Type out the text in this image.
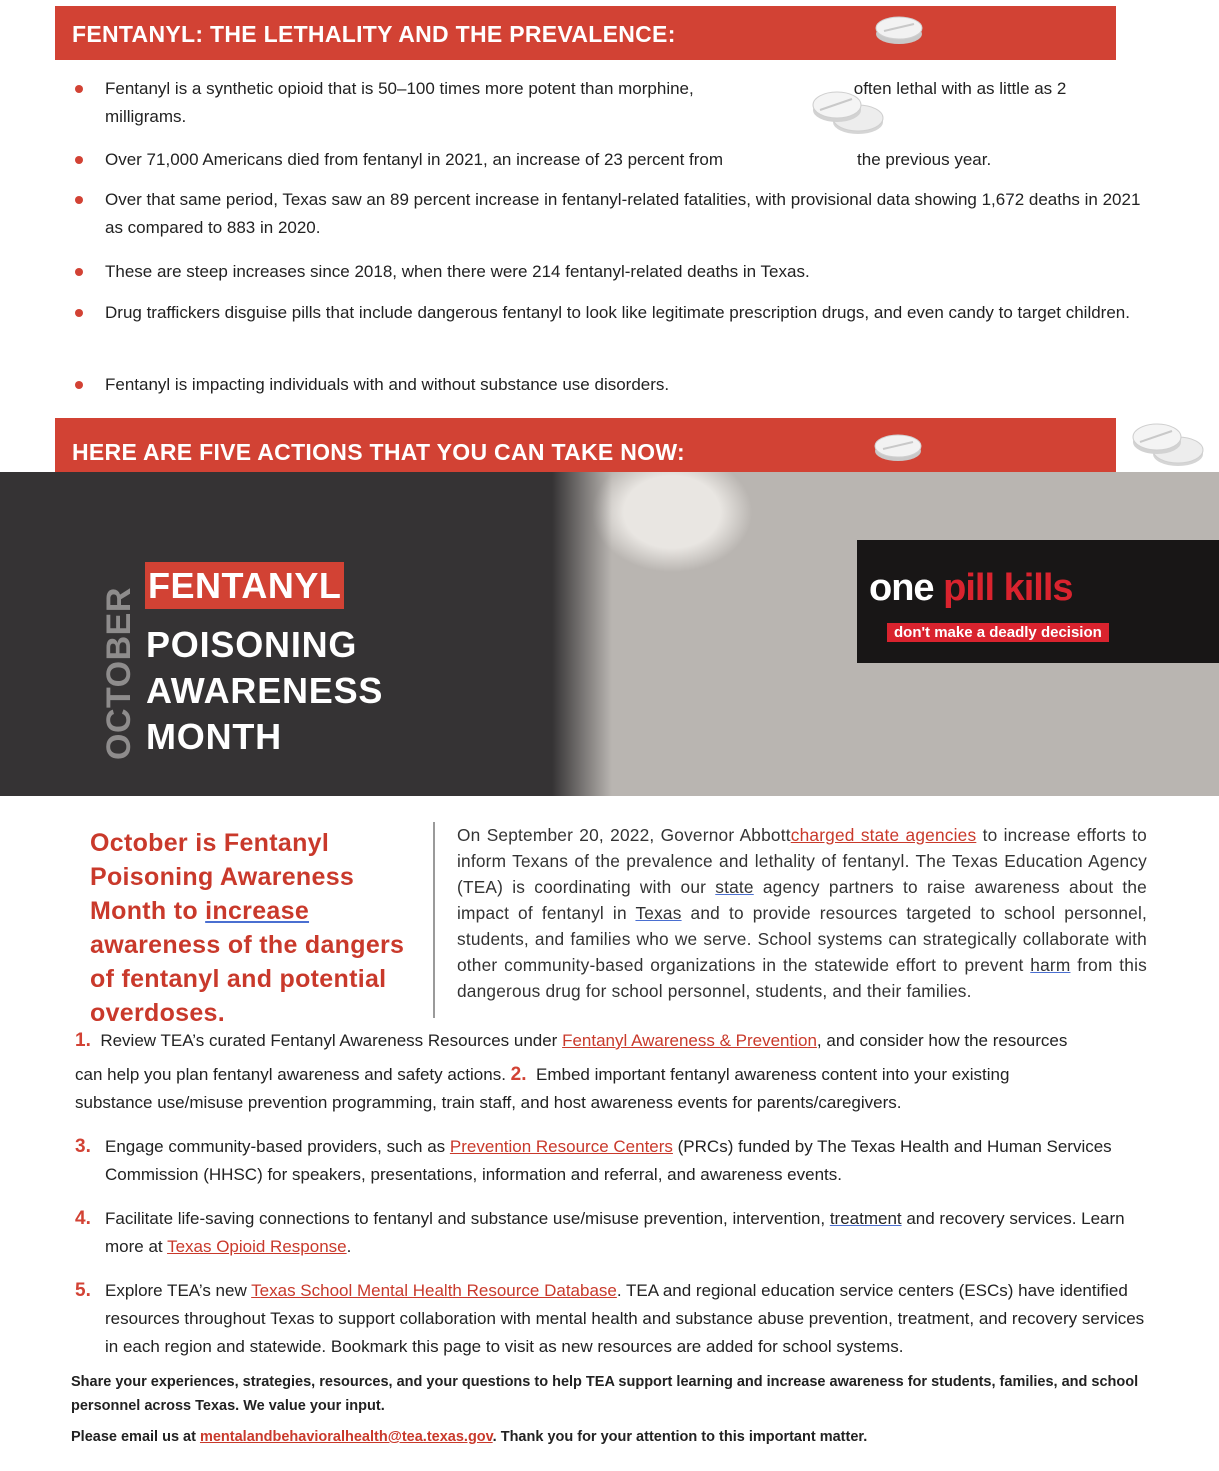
FENTANYL: THE LETHALITY AND THE PREVALENCE:
Fentanyl is a synthetic opioid that is 50–100 times more potent than morphine,	often lethal with as little as 2 milligrams.
Over 71,000 Americans died from fentanyl in 2021, an increase of 23 percent from	the previous year.
Over that same period, Texas saw an 89 percent increase in fentanyl-related fatalities, with provisional data showing 1,672 deaths in 2021 as compared to 883 in 2020.
These are steep increases since 2018, when there were 214 fentanyl-related deaths in Texas.
Drug traffickers disguise pills that include dangerous fentanyl to look like legitimate prescription drugs, and even candy to target children.
Fentanyl is impacting individuals with and without substance use disorders.
HERE ARE FIVE ACTIONS THAT YOU CAN TAKE NOW:
OCTOBER
FENTANYL
POISONING
AWARENESS
MONTH
one pill kills
don't make a deadly decision
October is Fentanyl Poisoning Awareness Month to increase awareness of the dangers of fentanyl and potential overdoses.
On September 20, 2022, Governor Abbottcharged state agencies to increase efforts to inform Texans of the prevalence and lethality of fentanyl. The Texas Education Agency (TEA) is coordinating with our state agency partners to raise awareness about the impact of fentanyl in Texas and to provide resources targeted to school personnel, students, and families who we serve. School systems can strategically collaborate with other community-based organizations in the statewide effort to prevent harm from this dangerous drug for school personnel, students, and their families.
1. Review TEA’s curated Fentanyl Awareness Resources under Fentanyl Awareness & Prevention, and consider how the resources
can help you plan fentanyl awareness and safety actions. 2. Embed important fentanyl awareness content into your existing
substance use/misuse prevention programming, train staff, and host awareness events for parents/caregivers.
3. Engage community-based providers, such as Prevention Resource Centers (PRCs) funded by The Texas Health and Human Services Commission (HHSC) for speakers, presentations, information and referral, and awareness events.
4. Facilitate life-saving connections to fentanyl and substance use/misuse prevention, intervention, treatment and recovery services. Learn more at Texas Opioid Response.
5. Explore TEA’s new Texas School Mental Health Resource Database. TEA and regional education service centers (ESCs) have identified resources throughout Texas to support collaboration with mental health and substance abuse prevention, treatment, and recovery services in each region and statewide. Bookmark this page to visit as new resources are added for school systems.
Share your experiences, strategies, resources, and your questions to help TEA support learning and increase awareness for students, families, and school personnel across Texas. We value your input.
Please email us at mentalandbehavioralhealth@tea.texas.gov. Thank you for your attention to this important matter.
